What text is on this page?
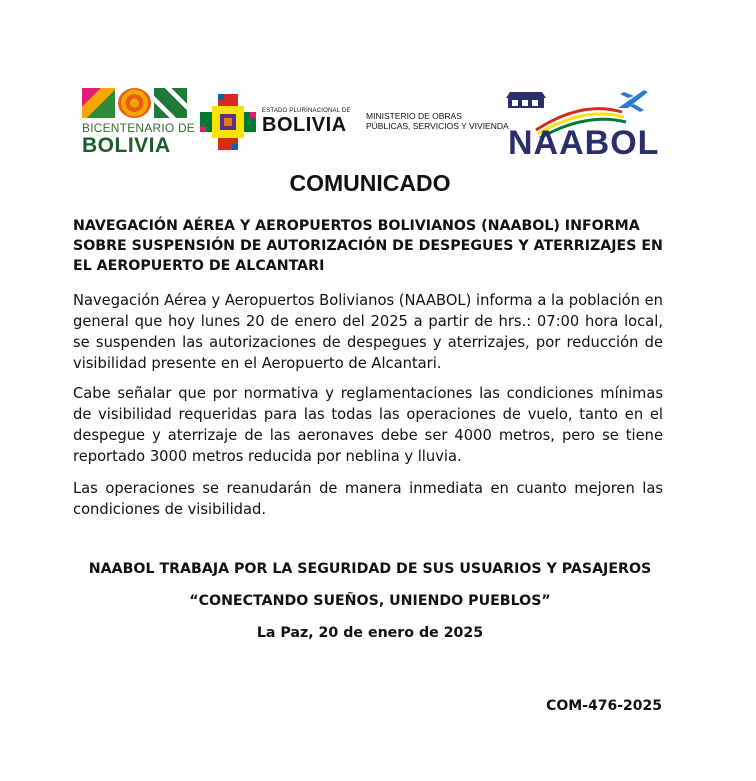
BICENTENARIO DE
BOLIVIA
ESTADO PLURINACIONAL DE
BOLIVIA MINISTERIO DE OBRAS
PÚBLICAS, SERVICIOS Y VIVIENDA NAABOL
COMUNICADO
NAVEGACIÓN AÉREA Y AEROPUERTOS BOLIVIANOS (NAABOL) INFORMA SOBRE SUSPENSIÓN DE AUTORIZACIÓN DE DESPEGUES Y ATERRIZAJES EN EL AEROPUERTO DE ALCANTARI
Navegación Aérea y Aeropuertos Bolivianos (NAABOL) informa a la población en general que hoy lunes 20 de enero del 2025 a partir de hrs.: 07:00 hora local, se suspenden las autorizaciones de despegues y aterrizajes, por reducción de visibilidad presente en el Aeropuerto de Alcantari.
Cabe señalar que por normativa y reglamentaciones las condiciones mínimas de visibilidad requeridas para las todas las operaciones de vuelo, tanto en el despegue y aterrizaje de las aeronaves debe ser 4000 metros, pero se tiene reportado 3000 metros reducida por neblina y lluvia.
Las operaciones se reanudarán de manera inmediata en cuanto mejoren las condiciones de visibilidad.
NAABOL TRABAJA POR LA SEGURIDAD DE SUS USUARIOS Y PASAJEROS
“CONECTANDO SUEÑOS, UNIENDO PUEBLOS”
La Paz, 20 de enero de 2025
COM-476-2025
